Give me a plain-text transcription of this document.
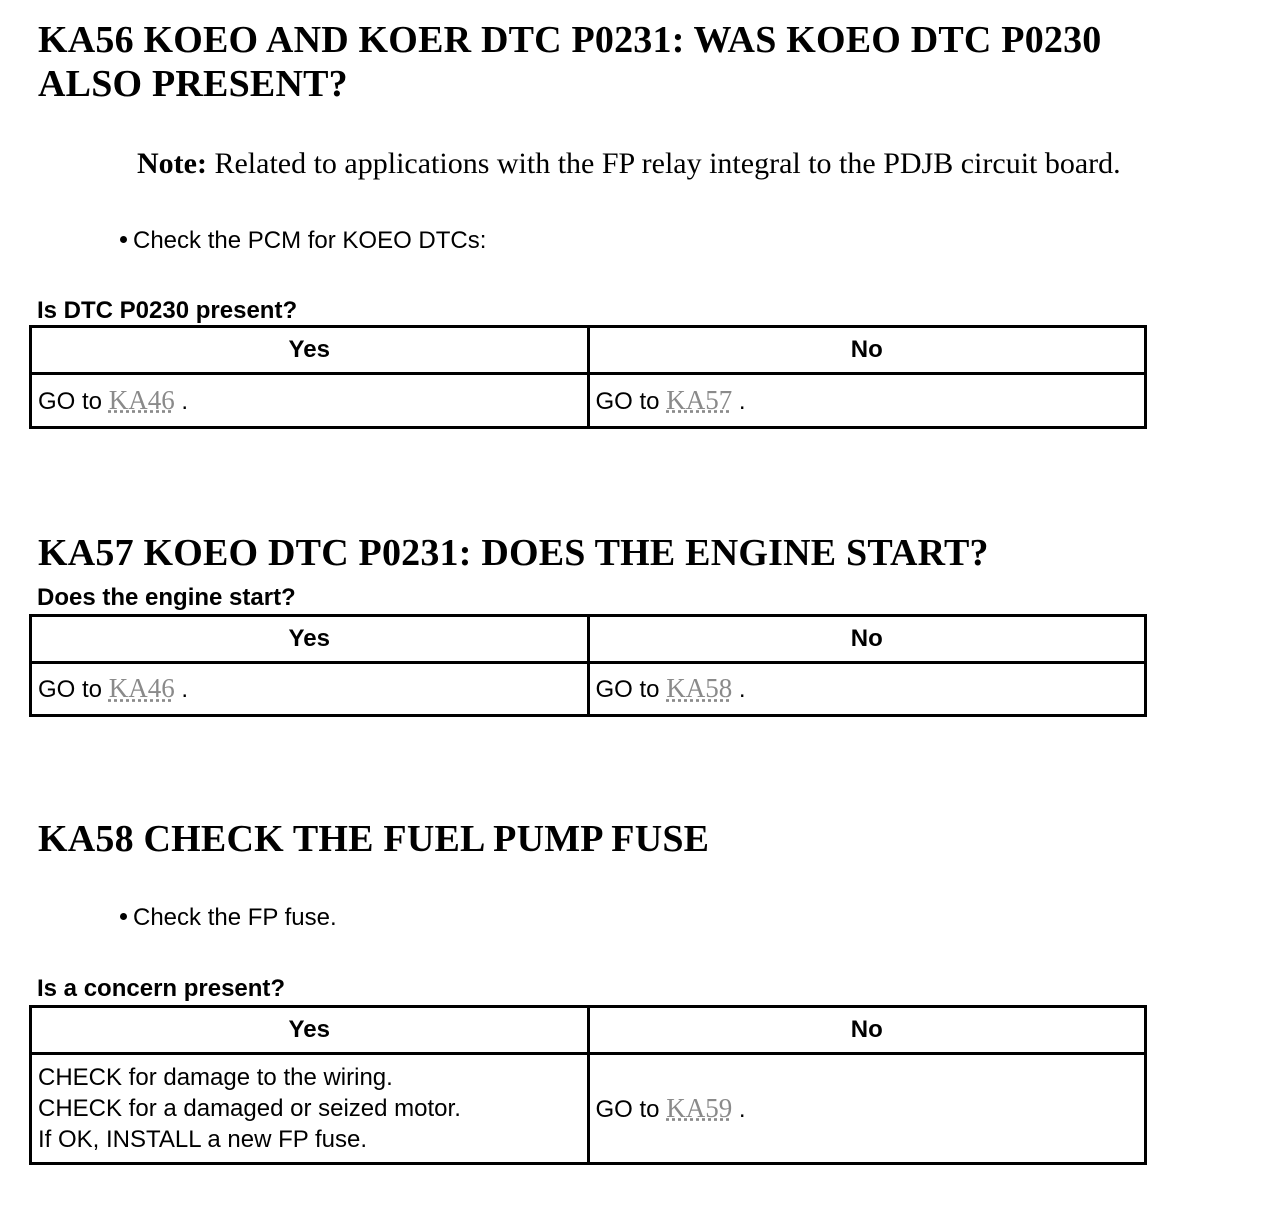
KA56 KOEO AND KOER DTC P0231: WAS KOEO DTC P0230
ALSO PRESENT?
Note: Related to applications with the FP relay integral to the PDJB circuit board.
Check the PCM for KOEO DTCs:
Is DTC P0230 present?
Yes	No
GO to KA46 .	GO to KA57 .
KA57 KOEO DTC P0231: DOES THE ENGINE START?
Does the engine start?
Yes	No
GO to KA46 .	GO to KA58 .
KA58 CHECK THE FUEL PUMP FUSE
Check the FP fuse.
Is a concern present?
Yes	No

CHECK for damage to the wiring.
CHECK for a damaged or seized motor.
If OK, INSTALL a new FP fuse.	GO to KA59 .
